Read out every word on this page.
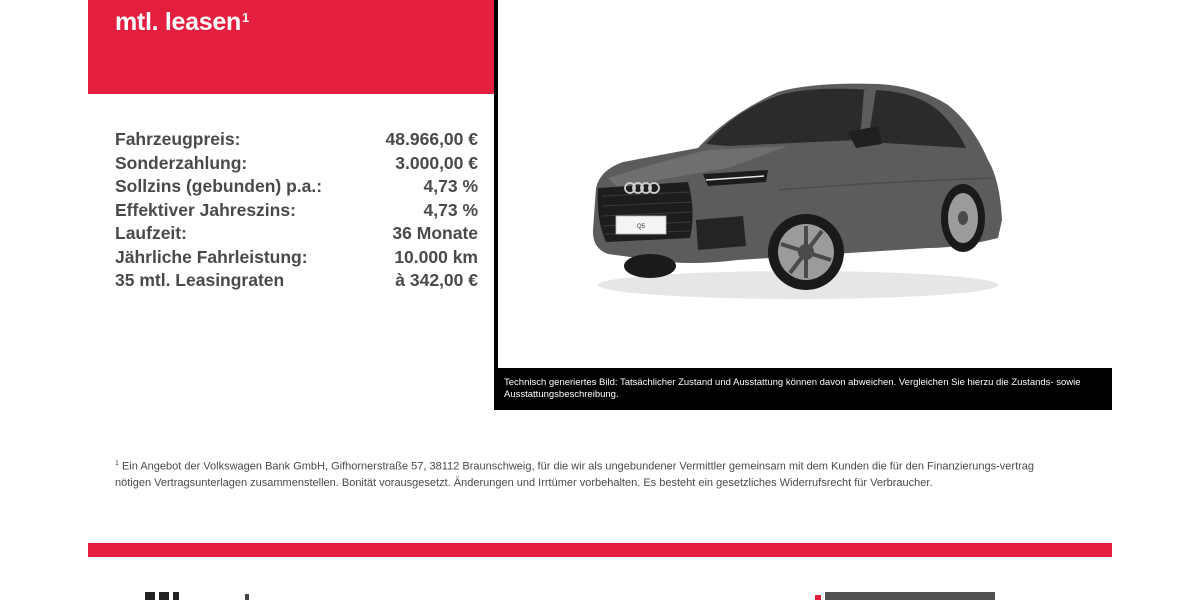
mtl. leasen$^1$
Fahrzeugpreis:	48.966,00 €
Sonderzahlung:	3.000,00 €
Sollzins (gebunden) p.a.:	4,73 %
Effektiver Jahreszins:	4,73 %
Laufzeit:	36 Monate
Jährliche Fahrleistung:	10.000 km
35 mtl. Leasingraten	à 342,00 €
Q5
Technisch generiertes Bild: Tatsächlicher Zustand und Ausstattung können davon abweichen. Vergleichen Sie hierzu die Zustands- sowie Ausstattungsbeschreibung.
$^1$ Ein Angebot der Volkswagen Bank GmbH, Gifhornerstraße 57, 38112 Braunschweig, für die wir als ungebundener Vermittler gemeinsam mit dem Kunden die für den Finanzierungs-vertrag nötigen Vertragsunterlagen zusammenstellen. Bonität vorausgesetzt. Änderungen und Irrtümer vorbehalten. Es besteht ein gesetzliches Widerrufsrecht für Verbraucher.
